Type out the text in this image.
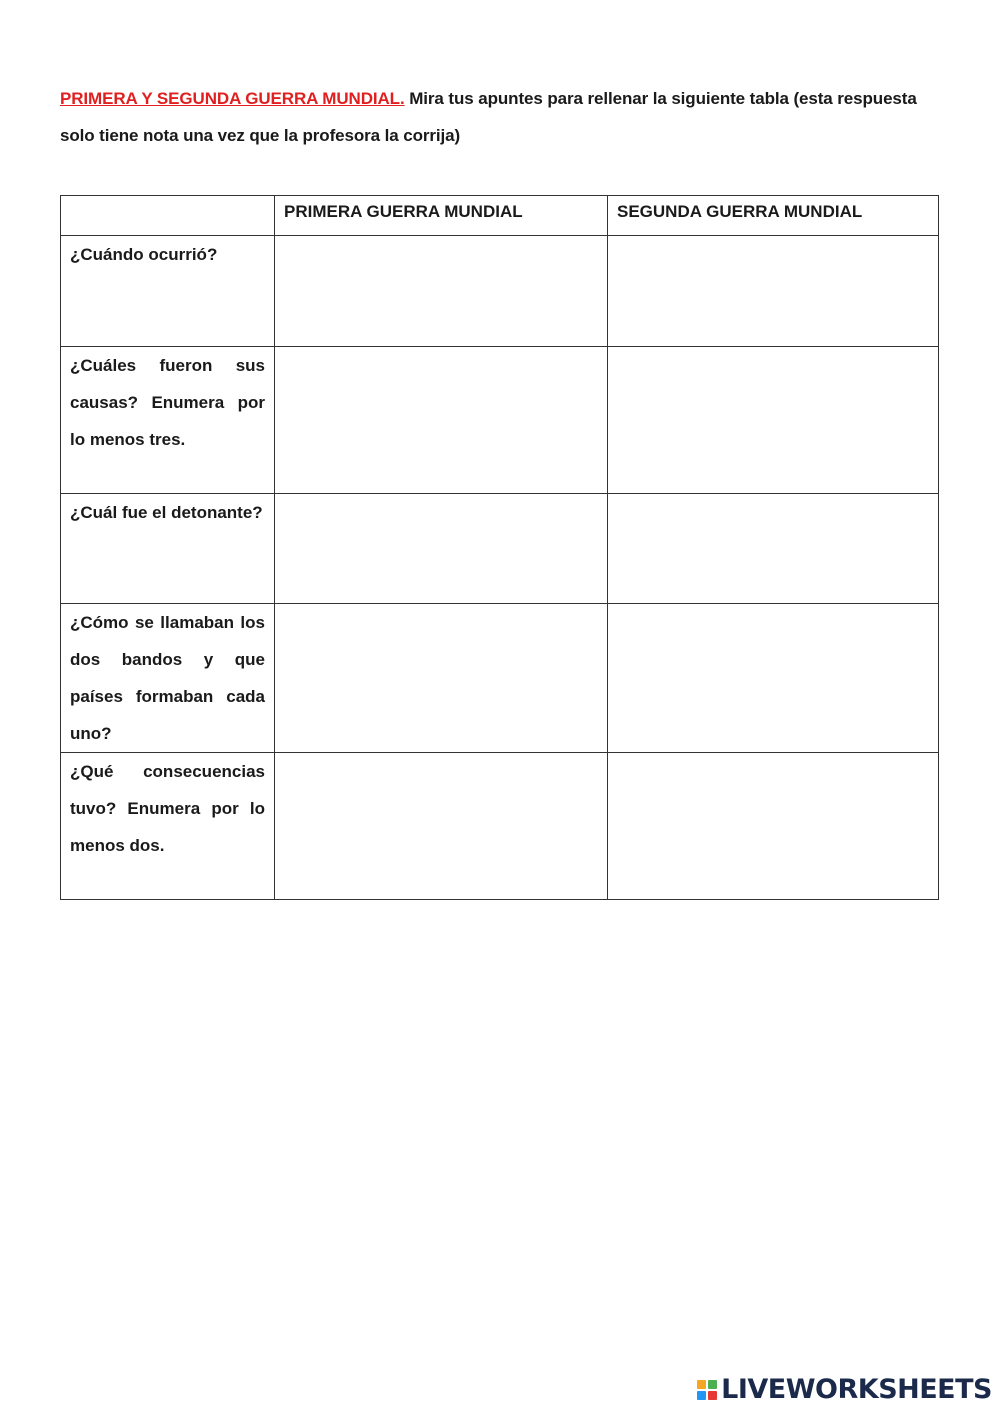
PRIMERA Y SEGUNDA GUERRA MUNDIAL. Mira tus apuntes para rellenar la siguiente tabla (esta respuesta solo tiene nota una vez que la profesora la corrija)
	PRIMERA GUERRA MUNDIAL	SEGUNDA GUERRA MUNDIAL
¿Cuándo ocurrió?		
¿Cuáles fueron sus causas? Enumera por lo menos tres.		
¿Cuál fue el detonante?		
¿Cómo se llamaban los dos bandos y que países formaban cada uno?		
¿Qué consecuencias tuvo? Enumera por lo menos dos.		
LIVEWORKSHEETS
